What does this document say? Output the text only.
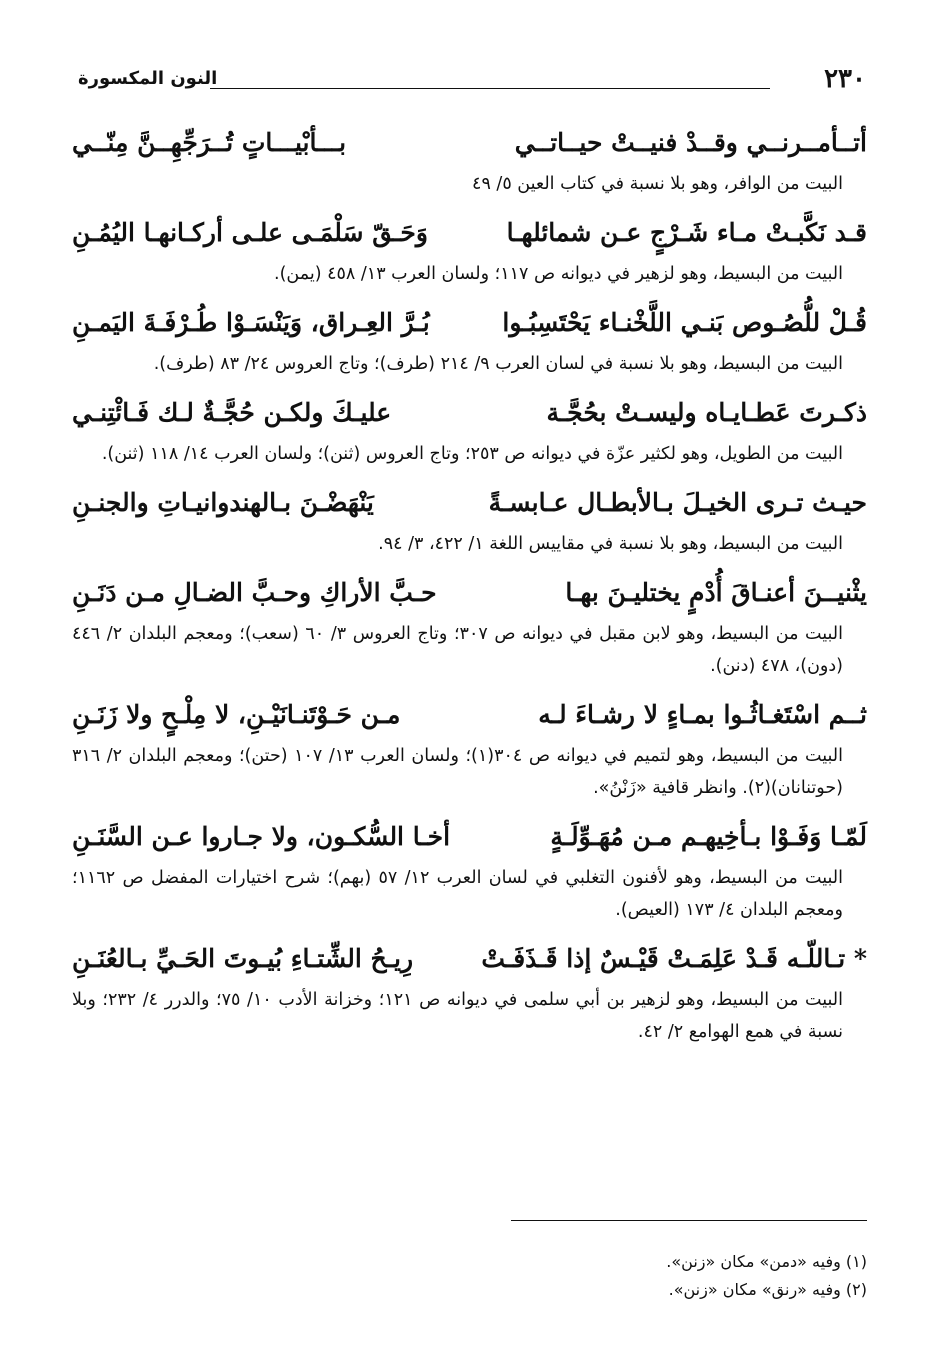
٢٣٠
النون المكسورة
أتــأمــرنــي وقــدْ فنيــتْ حيــاتــي
بـــأبْيـــاتٍ تُــرَجِّهِــنَّ مِنّــي

البيت من الوافر، وهو بلا نسبة في كتاب العين ٥/ ٤٩

قـد نَكَّبـتْ مـاء شَـرْجٍ عـن شمائلهـا
وَحَـقّ سَلْمَـى علـى أركـانهـا اليُمُـنِ

البيت من البسيط، وهو لزهير في ديوانه ص ١١٧؛ ولسان العرب ١٣/ ٤٥٨ (يمن).

قُـلْ للُّصُـوص بَنـي اللَّخْنـاء يَحْتَسِبُـوا
بُـرَّ العِـراق، وَيَنْسَـوْا طُـرْفَـةَ اليَمـنِ

البيت من البسيط، وهو بلا نسبة في لسان العرب ٩/ ٢١٤ (طرف)؛ وتاج العروس ٢٤/ ٨٣ (طرف).

ذكـرتَ عَطـايـاه وليسـتْ بحُجَّـة
عليـكَ ولكـن حُجَّـةٌ لـك فَـائْتِنـي

البيت من الطويل، وهو لكثير عزّة في ديوانه ص ٢٥٣؛ وتاج العروس (ثنن)؛ ولسان العرب ١٤/ ١١٨ (ثنن).

حيـث تـرى الخيـلَ بـالأبطـال عـابسـةً
يَنْهَضْـنَ بـالهندوانيـاتِ والجنـنِ

البيت من البسيط، وهو بلا نسبة في مقاييس اللغة ١/ ٤٢٢، ٣/ ٩٤.

يثْنيــنَ أعنـاقَ أُدْمٍ يختليـنَ بهـا
حـبَّ الأراكِ وحـبَّ الضـالِ مـن دَنَـنِ

البيت من البسيط، وهو لابن مقبل في ديوانه ص ٣٠٧؛ وتاج العروس ٣/ ٦٠ (سعب)؛ ومعجم البلدان ٢/ ٤٤٦ (دون)، ٤٧٨ (دنن).

ثــم اسْتَغـاثُـوا بمـاءٍ لا رشـاءَ لـه
مـن حَـوْتَنـانَيْـنِ، لا مِلْـحٍ ولا زَنَـنِ

البيت من البسيط، وهو لتميم في ديوانه ص ٣٠٤(١)؛ ولسان العرب ١٣/ ١٠٧ (حتن)؛ ومعجم البلدان ٢/ ٣١٦ (حوتنانان)(٢). وانظر قافية «زَنْنُ».

لَمّـا وَفَـوْا بـأخِيهـم مـن مُهَـوِّلَـةٍ
أخـا السُّكـون، ولا جـاروا عـن السَّنَـنِ

البيت من البسيط، وهو لأفنون التغلبي في لسان العرب ١٢/ ٥٧ (بهم)؛ شرح اختيارات المفضل ص ١١٦٢؛ ومعجم البلدان ٤/ ١٧٣ (العيص).

* تـاللّـه قَـدْ عَلِمَـتْ قَيْـسٌ إذا قَـذَفَـتْ
رِيـحُ الشِّتـاءِ بُيـوتَ الحَـيِّ بـالعُنَـنِ

البيت من البسيط، وهو لزهير بن أبي سلمى في ديوانه ص ١٢١؛ وخزانة الأدب ١٠/ ٧٥؛ والدرر ٤/ ٢٣٢؛ وبلا نسبة في همع الهوامع ٢/ ٤٢.

(١) وفيه «دمن» مكان «زنن».
(٢) وفيه «رنق» مكان «زنن».
